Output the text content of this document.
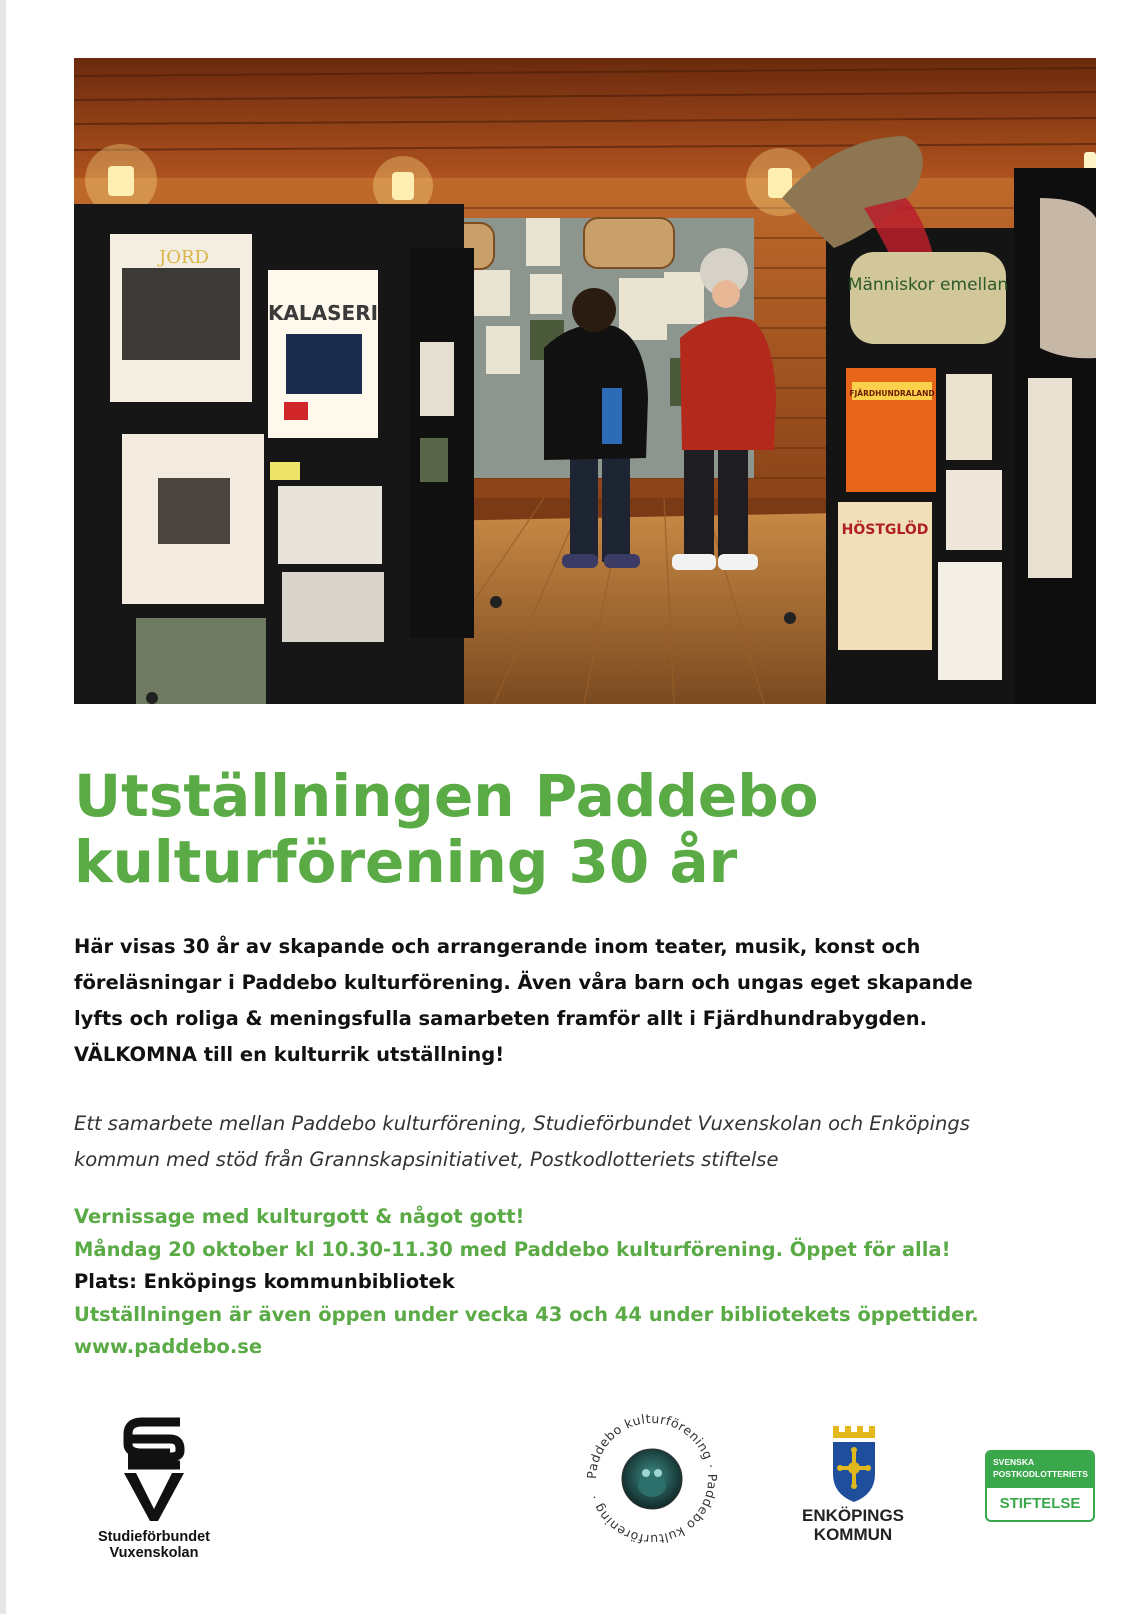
JORD
KALASERI
Människor emellan
FJÄRDHUNDRALAND
HÖSTGLÖD
Utställningen Paddebo
kulturförening 30 år
Här visas 30 år av skapande och arrangerande inom teater, musik, konst och
föreläsningar i Paddebo kulturförening. Även våra barn och ungas eget skapande
lyfts och roliga & meningsfulla samarbeten framför allt i Fjärdhundrabygden.
VÄLKOMNA till en kulturrik utställning!
Ett samarbete mellan Paddebo kulturförening, Studieförbundet Vuxenskolan och Enköpings
kommun med stöd från Grannskapsinitiativet, Postkodlotteriets stiftelse
Vernissage med kulturgott & något gott!
Måndag 20 oktober kl 10.30-11.30 med Paddebo kulturförening. Öppet för alla!
Plats: Enköpings kommunbibliotek
Utställningen är även öppen under vecka 43 och 44 under bibliotekets öppettider.
www.paddebo.se
Studieförbundet
Vuxenskolan
Paddebo kulturförening · Paddebo kulturförening ·
ENKÖPINGS
KOMMUN
SVENSKA
POSTKODLOTTERIETS
STIFTELSE
